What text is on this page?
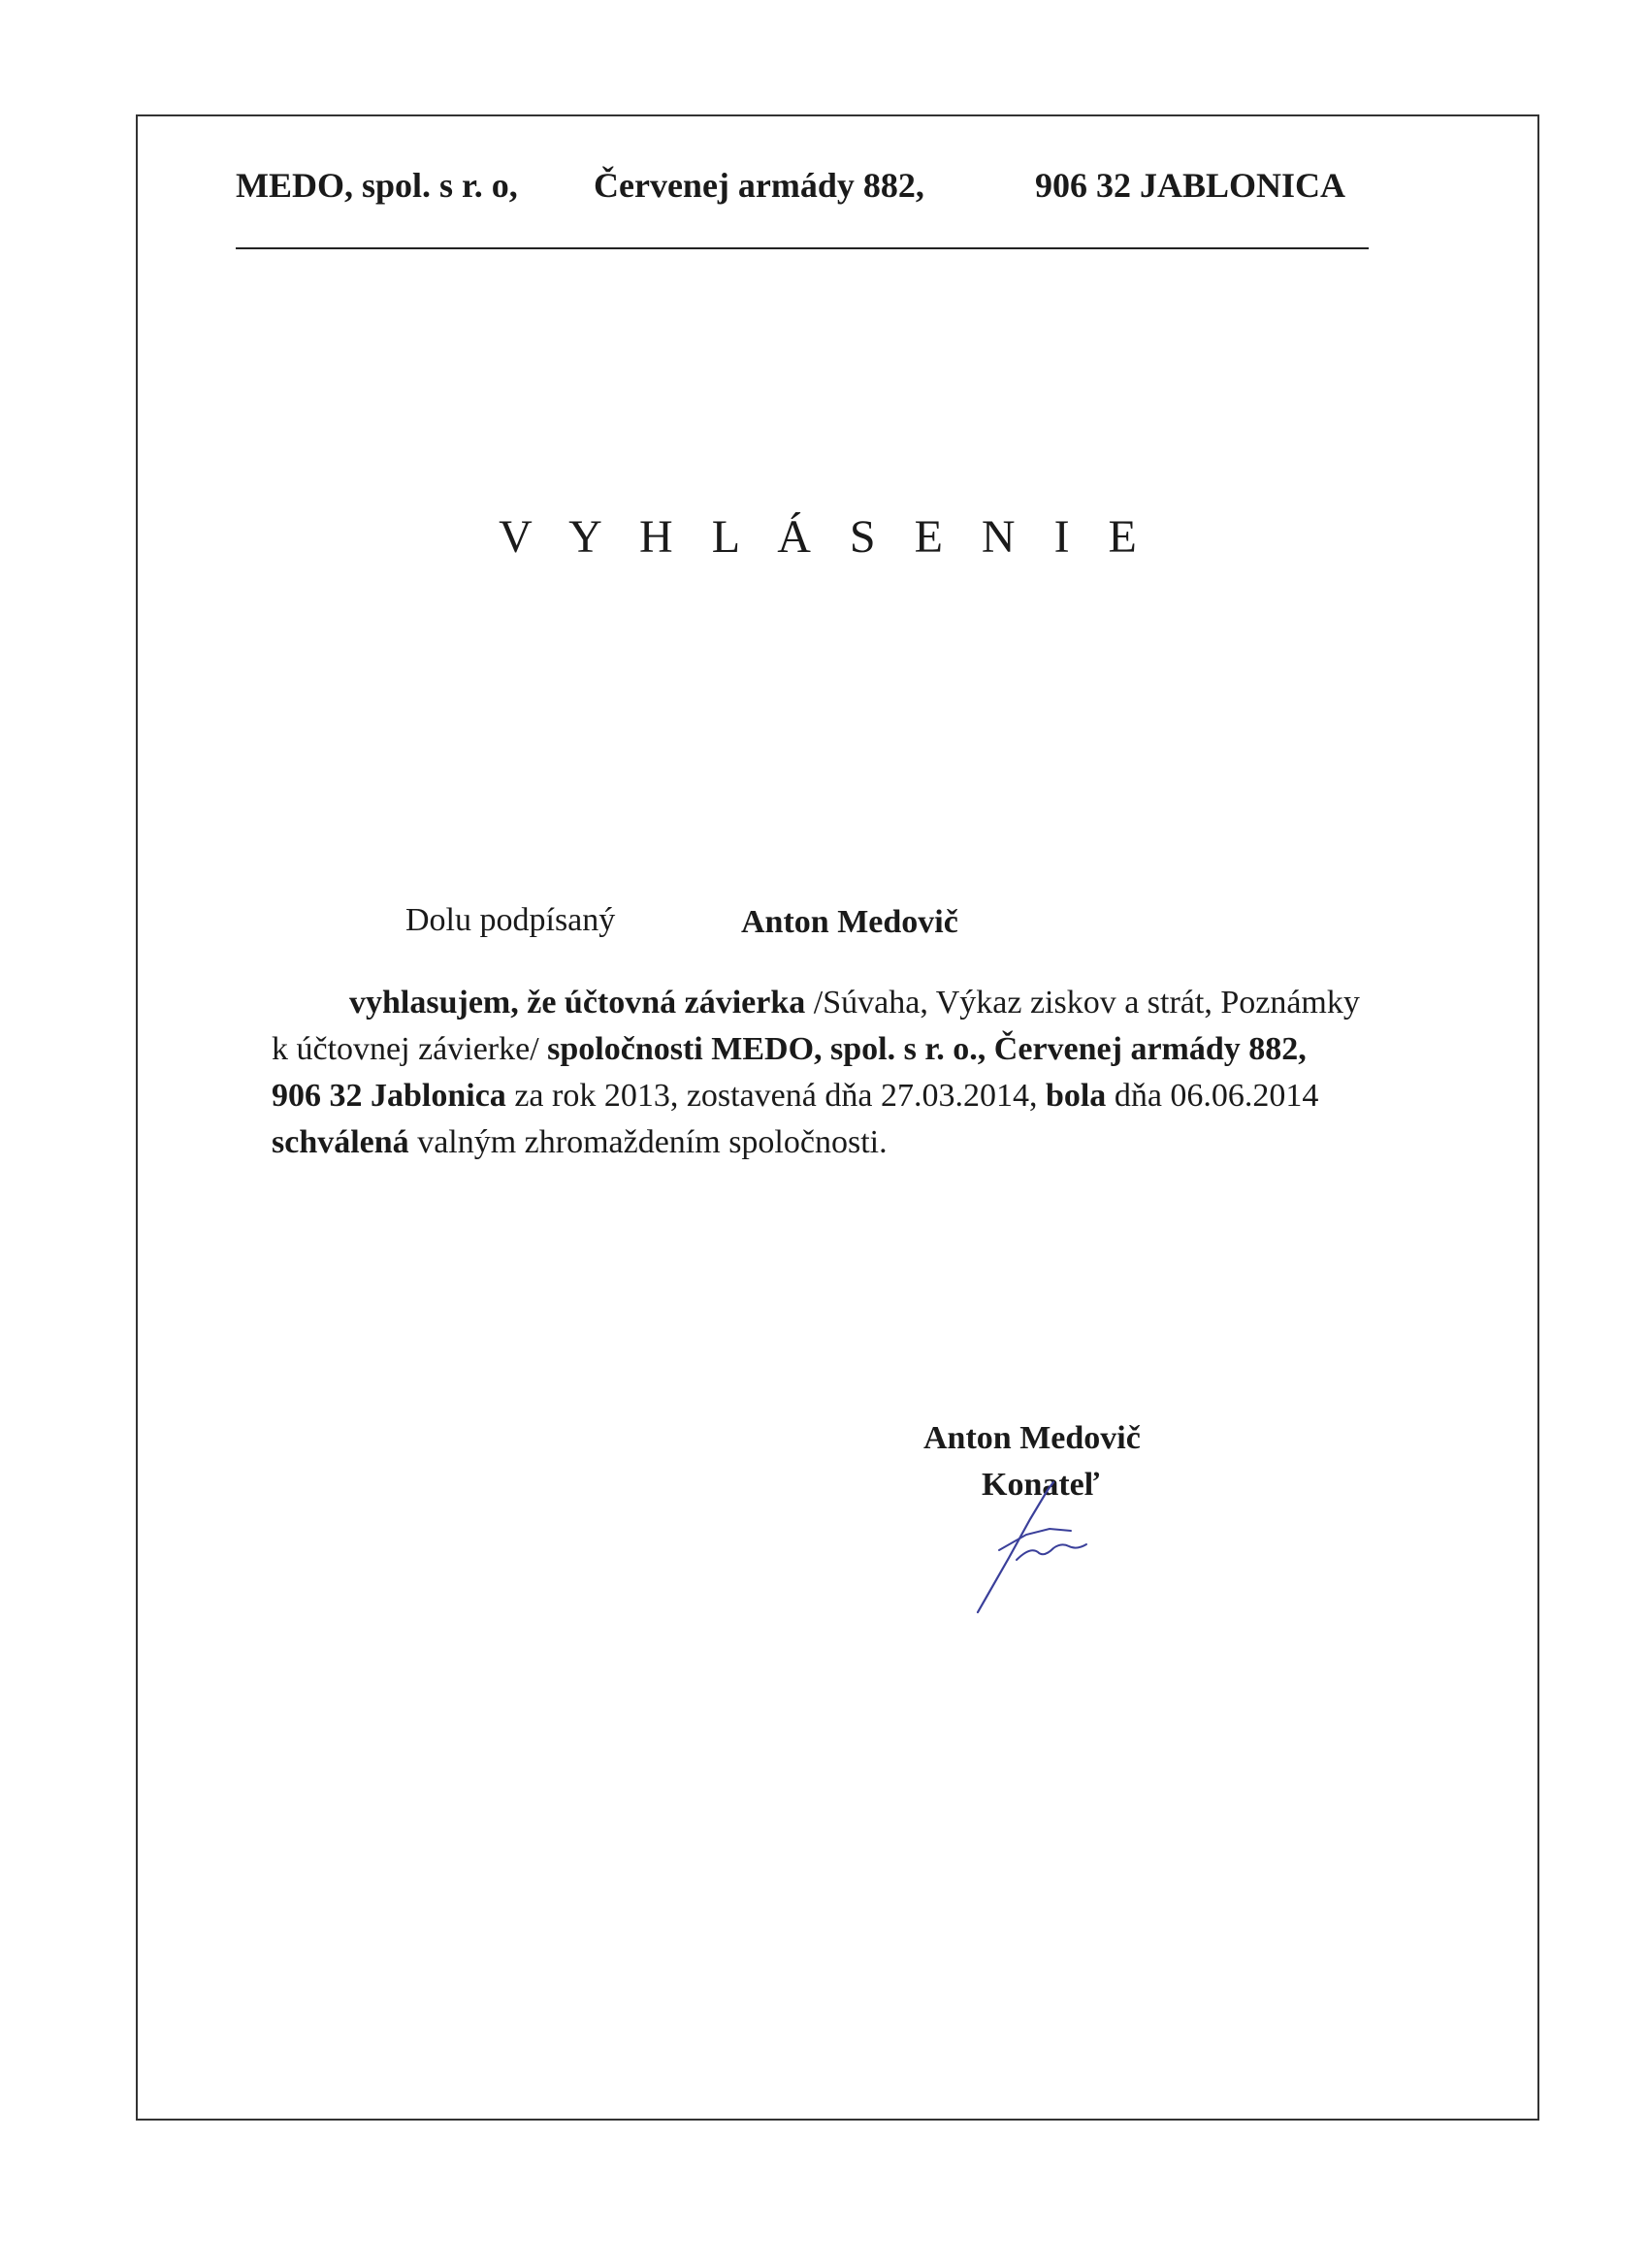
MEDO, spol. s r. o, Červenej armády 882,	906 32 JABLONICA
V Y H L Á S E N I E
Dolu podpísaný	Anton Medovič
vyhlasujem, že účtovná závierka /Súvaha, Výkaz ziskov a strát, Poznámky
k účtovnej závierke/ spoločnosti MEDO, spol. s r. o., Červenej armády 882,
906 32 Jablonica za rok 2013, zostavená dňa 27.03.2014, bola dňa 06.06.2014
schválená valným zhromaždením spoločnosti.
Anton Medovič
Konateľ
